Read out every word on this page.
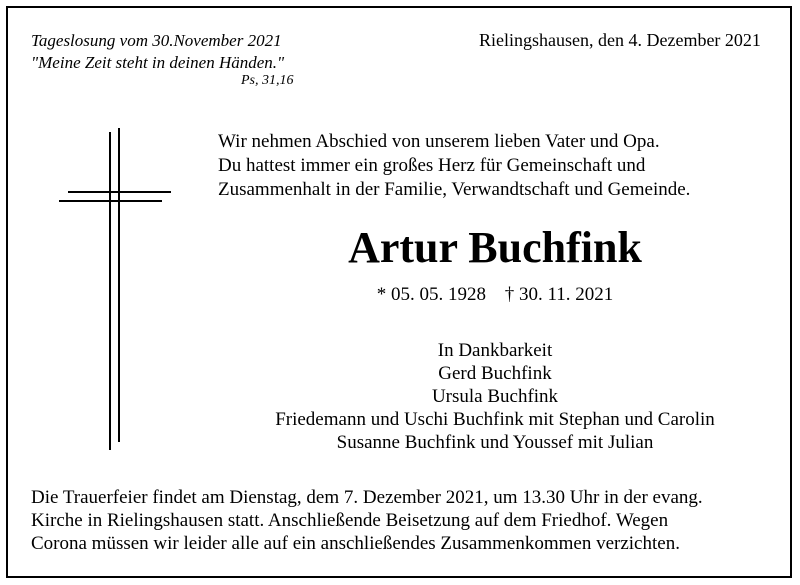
Tageslosung vom 30.November 2021
"Meine Zeit steht in deinen Händen."
Ps, 31,16
Rielingshausen, den 4. Dezember 2021
Wir nehmen Abschied von unserem lieben Vater und Opa.
Du hattest immer ein großes Herz für Gemeinschaft und
Zusammenhalt in der Familie, Verwandtschaft und Gemeinde.
Artur Buchfink
* 05. 05. 1928 † 30. 11. 2021
In Dankbarkeit
Gerd Buchfink
Ursula Buchfink
Friedemann und Uschi Buchfink mit Stephan und Carolin
Susanne Buchfink und Youssef mit Julian
Die Trauerfeier findet am Dienstag, dem 7. Dezember 2021, um 13.30 Uhr in der evang.
Kirche in Rielingshausen statt. Anschließende Beisetzung auf dem Friedhof. Wegen
Corona müssen wir leider alle auf ein anschließendes Zusammenkommen verzichten.
